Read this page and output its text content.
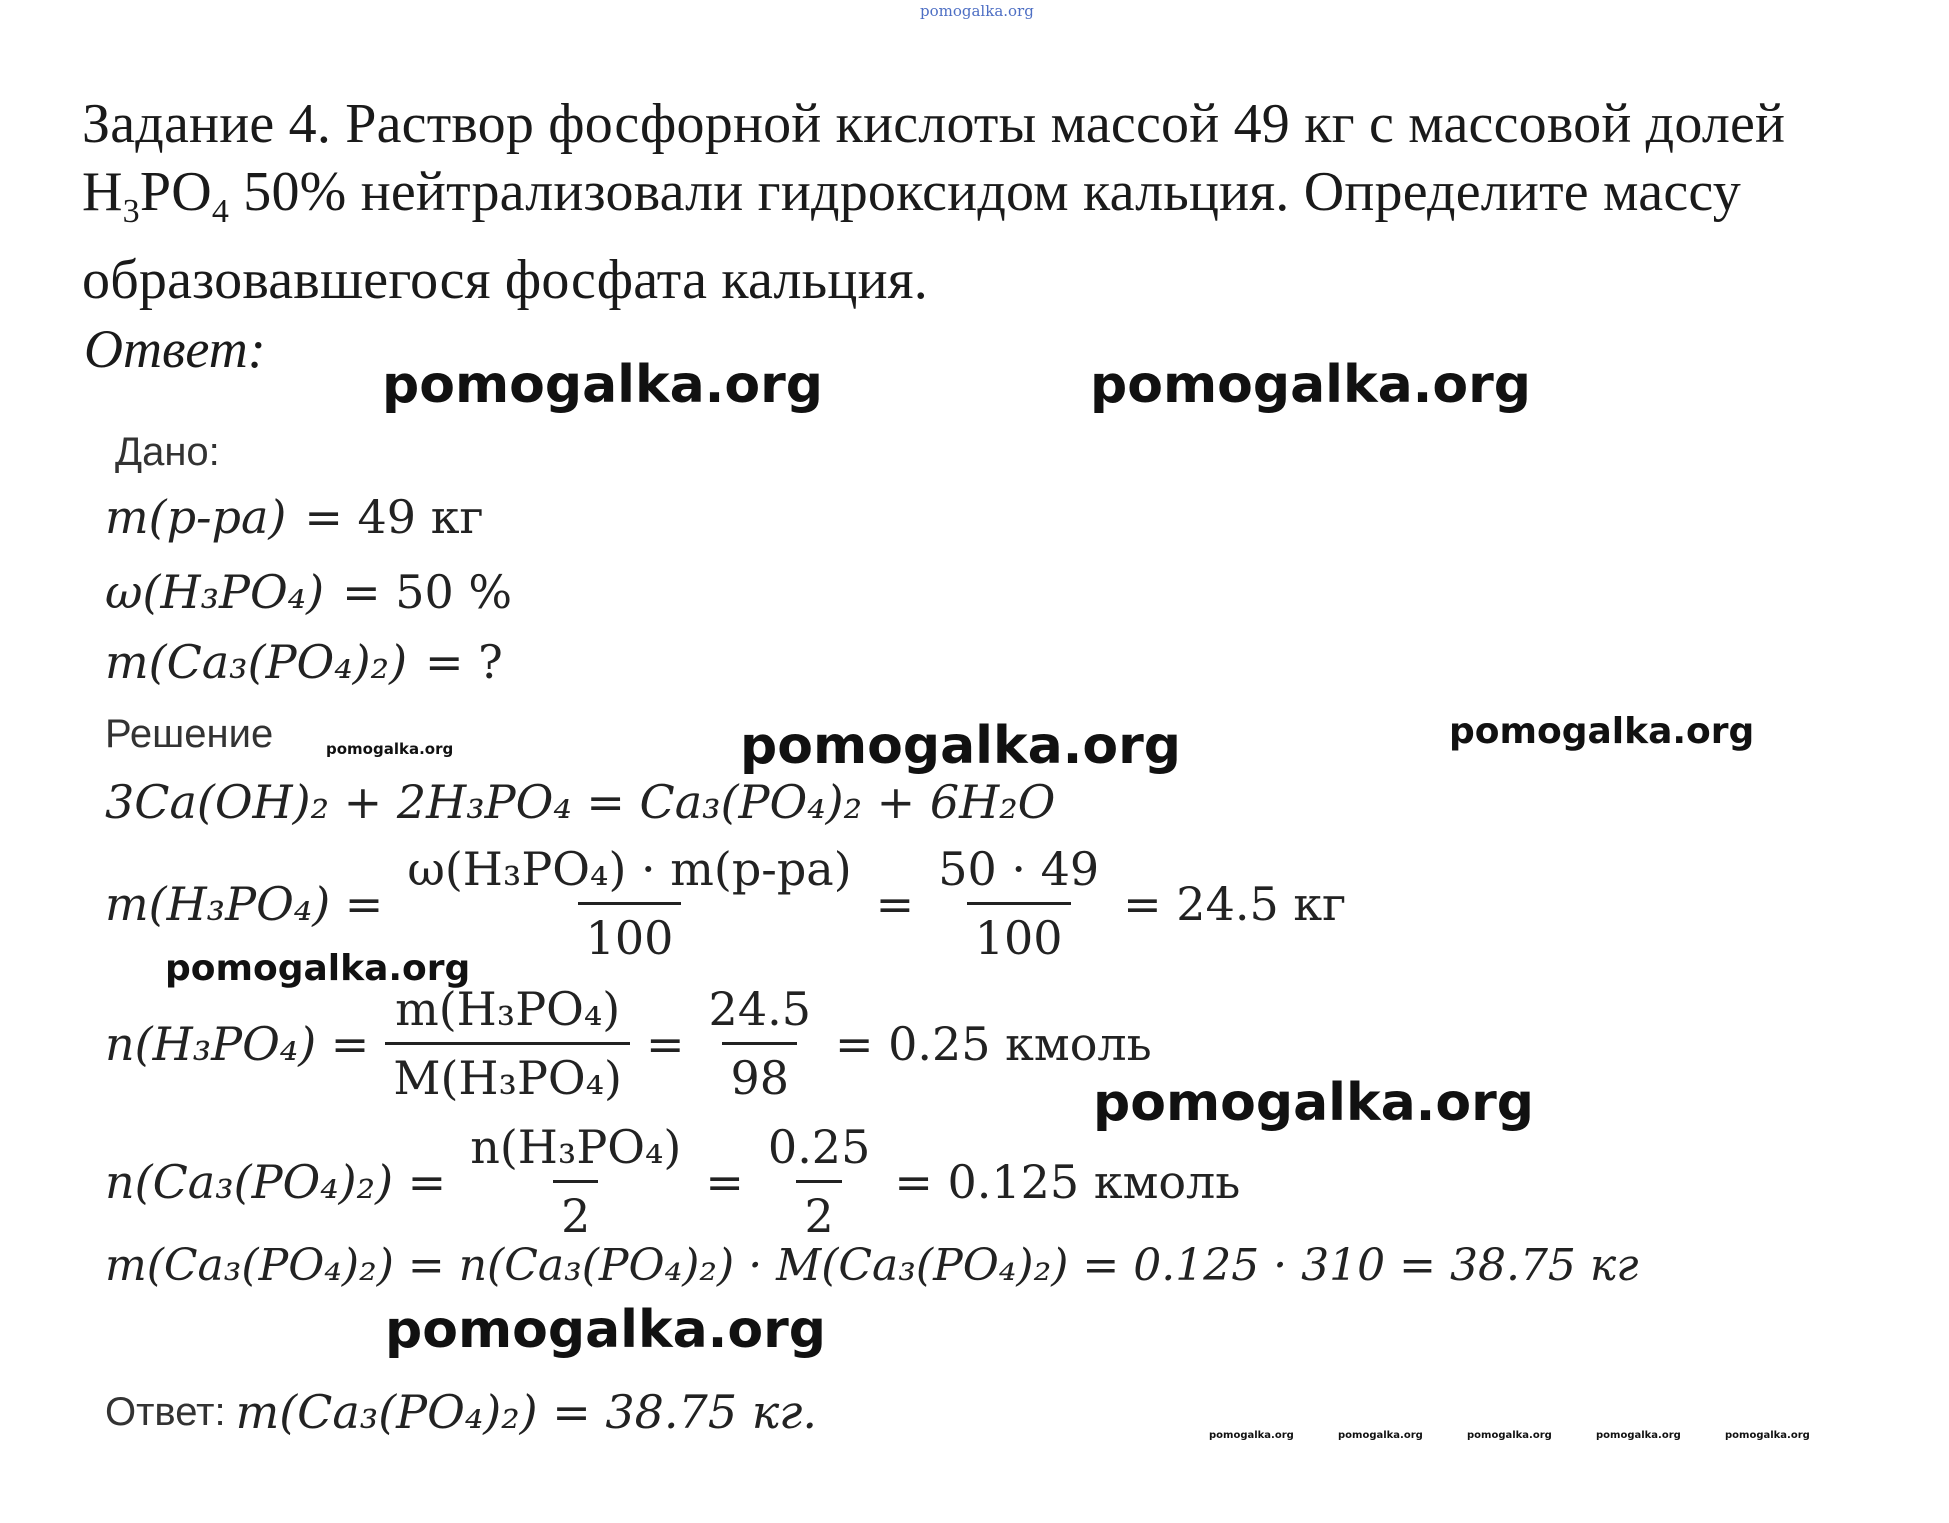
pomogalka.org
Задание 4. Раствор фосфорной кислоты массой 49 кг с массовой долей
$H_3PO_4$ 50% нейтрализовали гидроксидом кальция. Определите массу
образовавшегося фосфата кальция.
Ответ:
pomogalka.org	pomogalka.org
pomogalka.org	pomogalka.org	pomogalka.org
pomogalka.org
pomogalka.org
pomogalka.org
pomogalka.org	pomogalka.org	pomogalka.org	pomogalka.org	pomogalka.org
Дано:
m(р-ра) = 49 кг
ω(H₃PO₄) = 50 %
m(Ca₃(PO₄)₂) = ?
Решение
3Ca(OH)₂ + 2H₃PO₄ = Ca₃(PO₄)₂ + 6H₂O
$m(H_3PO_4) = \frac{\text{ω(H₃PO₄) · m(р-ра)}}{100} = \frac{50 \cdot 49}{100} = 24.5$ кг
$n(H_3PO_4) = \frac{\text{m(H₃PO₄)}}{\text{M(H₃PO₄)}} = \frac{24.5}{98} = 0.25$ кмоль
$n(Ca_3(PO_4)_2) = \frac{\text{n(H₃PO₄)}}{2} = \frac{0.25}{2} = 0.125$ кмоль
m(Ca₃(PO₄)₂) = n(Ca₃(PO₄)₂) · M(Ca₃(PO₄)₂) = 0.125 · 310 = 38.75 кг
Ответ: m(Ca₃(PO₄)₂) = 38.75 кг.
